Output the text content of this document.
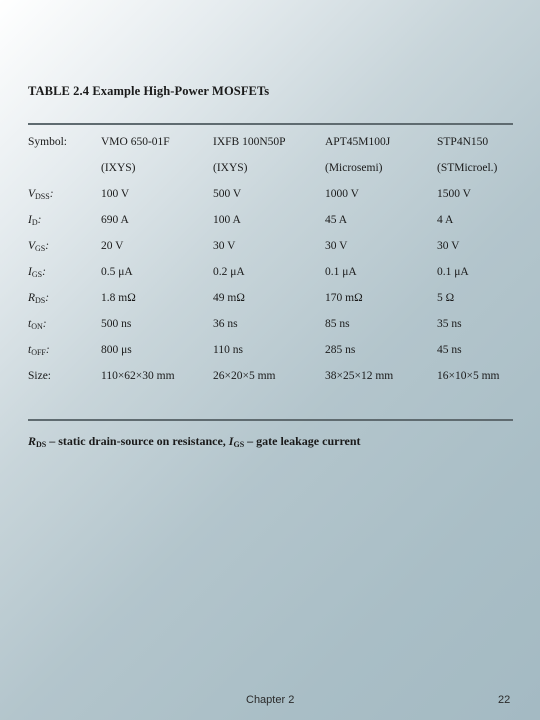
TABLE 2.4 Example High-Power MOSFETs
Symbol:	VMO 650-01F	IXFB 100N50P	APT45M100J	STP4N150
(IXYS)	(IXYS)	(Microsemi)	(STMicroel.)
$V_{DSS}$:	100 V	500 V	1000 V	1500 V
$I_D$:	690 A	100 A	45 A	4 A
$V_{GS}$:	20 V	30 V	30 V	30 V
$I_{GS}$:	0.5 μA	0.2 μA	0.1 μA	0.1 μA
$R_{DS}$:	1.8 mΩ	49 mΩ	170 mΩ	5 Ω
$t_{ON}$:	500 ns	36 ns	85 ns	35 ns
$t_{OFF}$:	800 μs	110 ns	285 ns	45 ns
Size:	110×62×30 mm	26×20×5 mm	38×25×12 mm	16×10×5 mm
$R_{DS}$ – static drain-source on resistance, $I_{GS}$ – gate leakage current
Chapter 2	22
